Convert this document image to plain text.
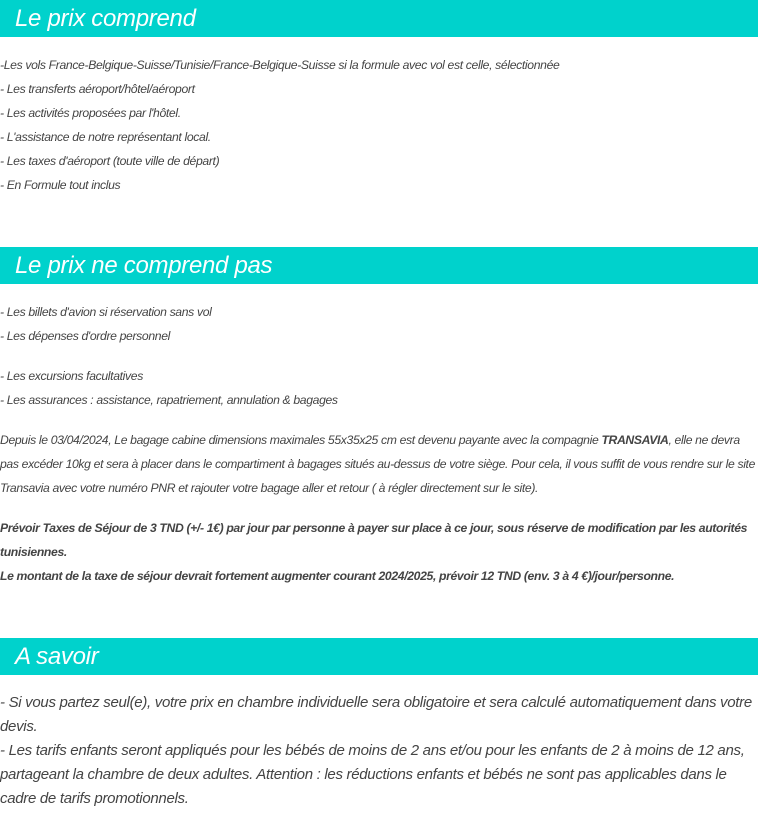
Le prix comprend
-Les vols France-Belgique-Suisse/Tunisie/France-Belgique-Suisse si la formule avec vol est celle, sélectionnée
- Les transferts aéroport/hôtel/aéroport
- Les activités proposées par l'hôtel.
- L'assistance de notre représentant local.
- Les taxes d'aéroport (toute ville de départ)
- En Formule tout inclus
Le prix ne comprend pas
- Les billets d'avion si réservation sans vol
- Les dépenses d'ordre personnel
- Les excursions facultatives
- Les assurances : assistance, rapatriement, annulation & bagages

Depuis le 03/04/2024, Le bagage cabine dimensions maximales 55x35x25 cm est devenu payante avec la compagnie TRANSAVIA, elle ne devra pas excéder 10kg et sera à placer dans le compartiment à bagages situés au-dessus de votre siège. Pour cela, il vous suffit de vous rendre sur le site Transavia avec votre numéro PNR et rajouter votre bagage aller et retour ( à régler directement sur le site).

Prévoir Taxes de Séjour de 3 TND (+/- 1€) par jour par personne à payer sur place à ce jour, sous réserve de modification par les autorités tunisiennes.

Le montant de la taxe de séjour devrait fortement augmenter courant 2024/2025, prévoir 12 TND (env. 3 à 4 €)/jour/personne.

A savoir

- Si vous partez seul(e), votre prix en chambre individuelle sera obligatoire et sera calculé automatiquement dans votre devis.

- Les tarifs enfants seront appliqués pour les bébés de moins de 2 ans et/ou pour les enfants de 2 à moins de 12 ans, partageant la chambre de deux adultes. Attention : les réductions enfants et bébés ne sont pas applicables dans le cadre de tarifs promotionnels.
